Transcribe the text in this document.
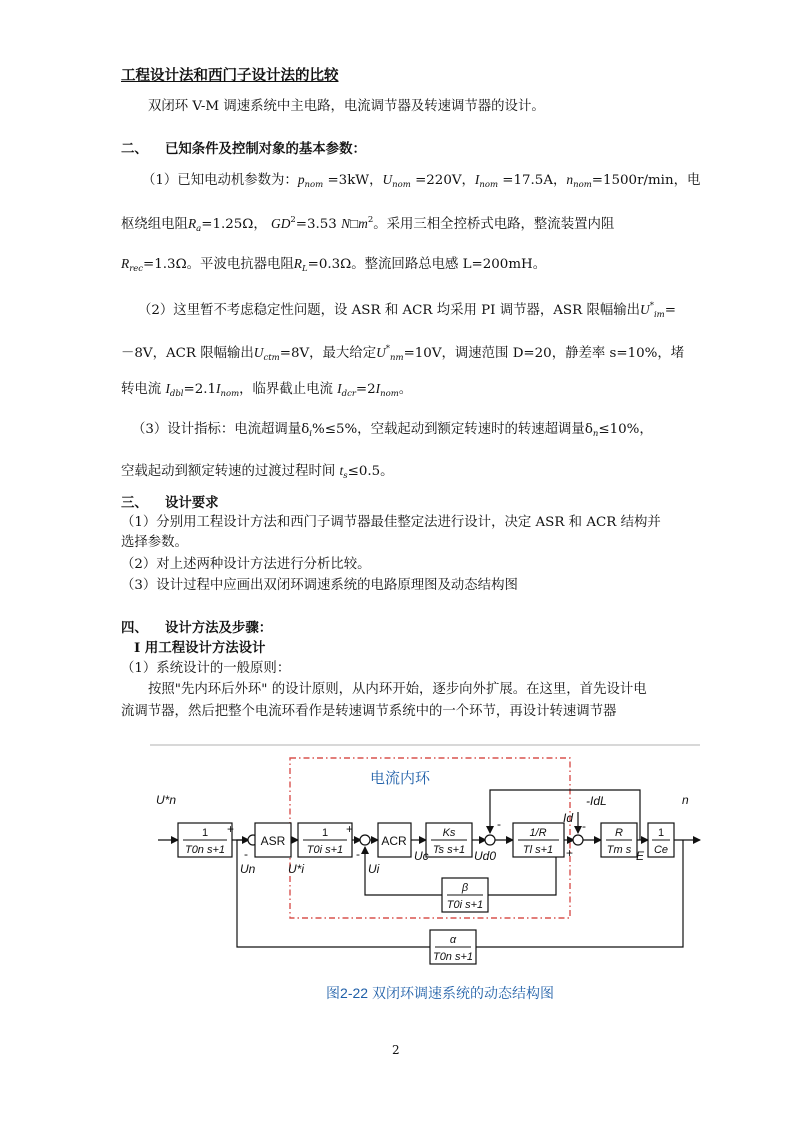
工程设计法和西门子设计法的比较
双闭环 V-M 调速系统中主电路，电流调节器及转速调节器的设计。
二、 已知条件及控制对象的基本参数：
（1）已知电动机参数为：$p_{nom} =3kW$，$U_{nom} =220V$，$I_{nom} =17.5A$，$n_{nom}=1500r/\min$，电
枢绕组电阻$R_a=1.25\Omega$， $GD^2=3.53$ $N□m^2$。采用三相全控桥式电路，整流装置内阻
$R_{rec}=1.3\Omega$。平波电抗器电阻$R_L=0.3\Omega$。整流回路总电感 L=200mH。
（2）这里暂不考虑稳定性问题，设 ASR 和 ACR 均采用 PI 调节器，ASR 限幅输出$U^*_{im}=$
－8V，ACR 限幅输出$U_{ctm}=8V$，最大给定$U^*_{nm}=10V$，调速范围 D=20，静差率 s=10%，堵
转电流 $I_{dbl}=2.1I_{nom}$，临界截止电流 $I_{dcr}=2I_{nom}$。
（3）设计指标：电流超调量$\delta_i\%\le 5\%$，空载起动到额定转速时的转速超调量$\delta_n\le 10\%$，
空载起动到额定转速的过渡过程时间 $t_s\le 0.5$。
三、 设计要求
（1）分别用工程设计方法和西门子调节器最佳整定法进行设计，决定 ASR 和 ACR 结构并
选择参数。
（2）对上述两种设计方法进行分析比较。
（3）设计过程中应画出双闭环调速系统的电路原理图及动态结构图
四、 设计方法及步骤：
Ⅰ 用工程设计方法设计
（1）系统设计的一般原则：
按照"先内环后外环" 的设计原则，从内环开始，逐步向外扩展。在这里，首先设计电
流调节器，然后把整个电流环看作是转速调节系统中的一个环节，再设计转速调节器
电流内环
1
T0n s+1
ASR
1
T0i s+1
ACR
Ks
Ts s+1
1/R
Tl s+1
R
Tm s
1
Ce
β
T0i s+1
α
T0n s+1
U*n	n
Un	U*i	Ui
Uc	Ud0
Id
-IdL
E
+
-
+
-
-	-
+
图2-22 双闭环调速系统的动态结构图
2
